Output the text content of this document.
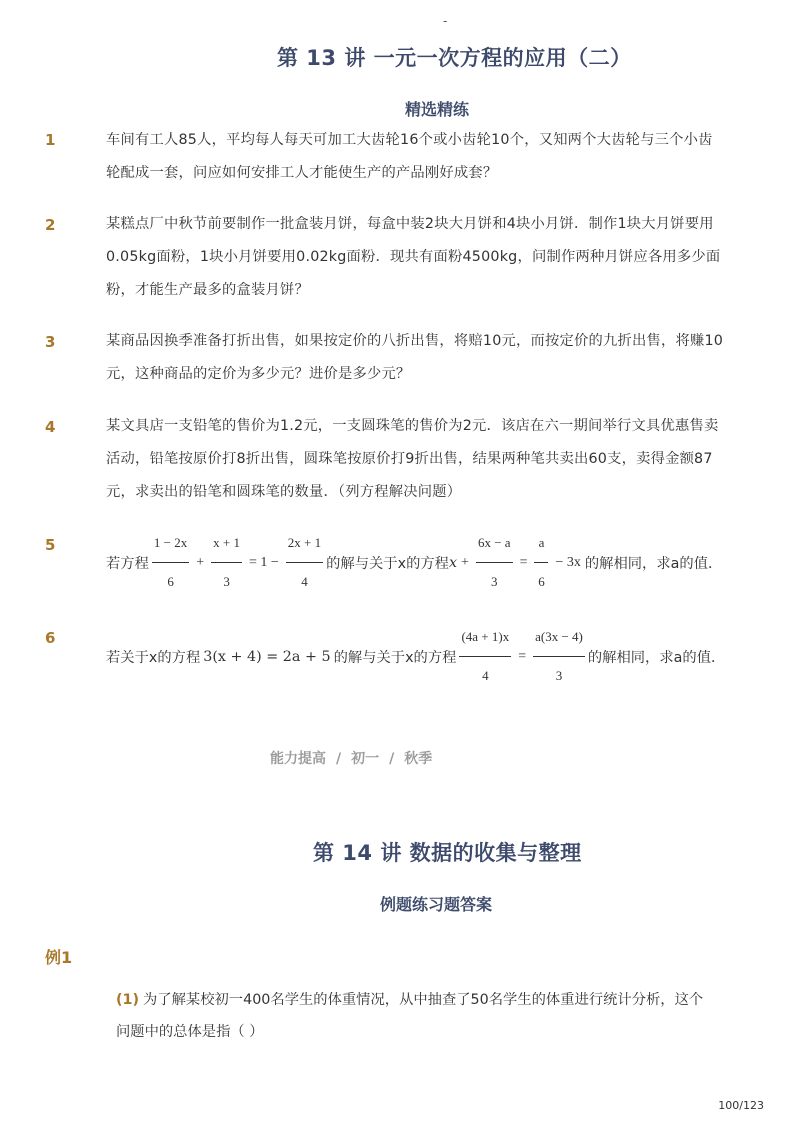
-
第 13 讲 一元一次方程的应用（二）
精选精练
1	车间有工人85人，平均每人每天可加工大齿轮16个或小齿轮10个，又知两个大齿轮与三个小齿轮配成一套，问应如何安排工人才能使生产的产品刚好成套？
2	某糕点厂中秋节前要制作一批盒装月饼，每盒中装2块大月饼和4块小月饼．制作1块大月饼要用0.05kg面粉，1块小月饼要用0.02kg面粉．现共有面粉4500kg，问制作两种月饼应各用多少面粉，才能生产最多的盒装月饼？
3	某商品因换季准备打折出售，如果按定价的八折出售，将赔10元，而按定价的九折出售，将赚10元，这种商品的定价为多少元？进价是多少元？
4	某文具店一支铅笔的售价为1.2元，一支圆珠笔的售价为2元．该店在六一期间举行文具优惠售卖活动，铅笔按原价打8折出售，圆珠笔按原价打9折出售，结果两种笔共卖出60支，卖得金额87元，求卖出的铅笔和圆珠笔的数量．（列方程解决问题）
5
若方程 $\frac{1 - 2x}{6} + \frac{x + 1}{3} = 1 - \frac{2x + 1}{4}$ 的解与关于x的方程 $x + \frac{6x - a}{3} = \frac{a}{6} - 3x$ 的解相同，求a的值．
6
若关于x的方程 3(x + 4) = 2a + 5 的解与关于x的方程 $\frac{(4a + 1)x}{4} = \frac{a(3x - 4)}{3}$ 的解相同，求a的值．
能力提高 / 初一 / 秋季
第 14 讲 数据的收集与整理
例题练习题答案
例1
(1) 为了解某校初一400名学生的体重情况，从中抽查了50名学生的体重进行统计分析，这个问题中的总体是指（ ）
100/123
